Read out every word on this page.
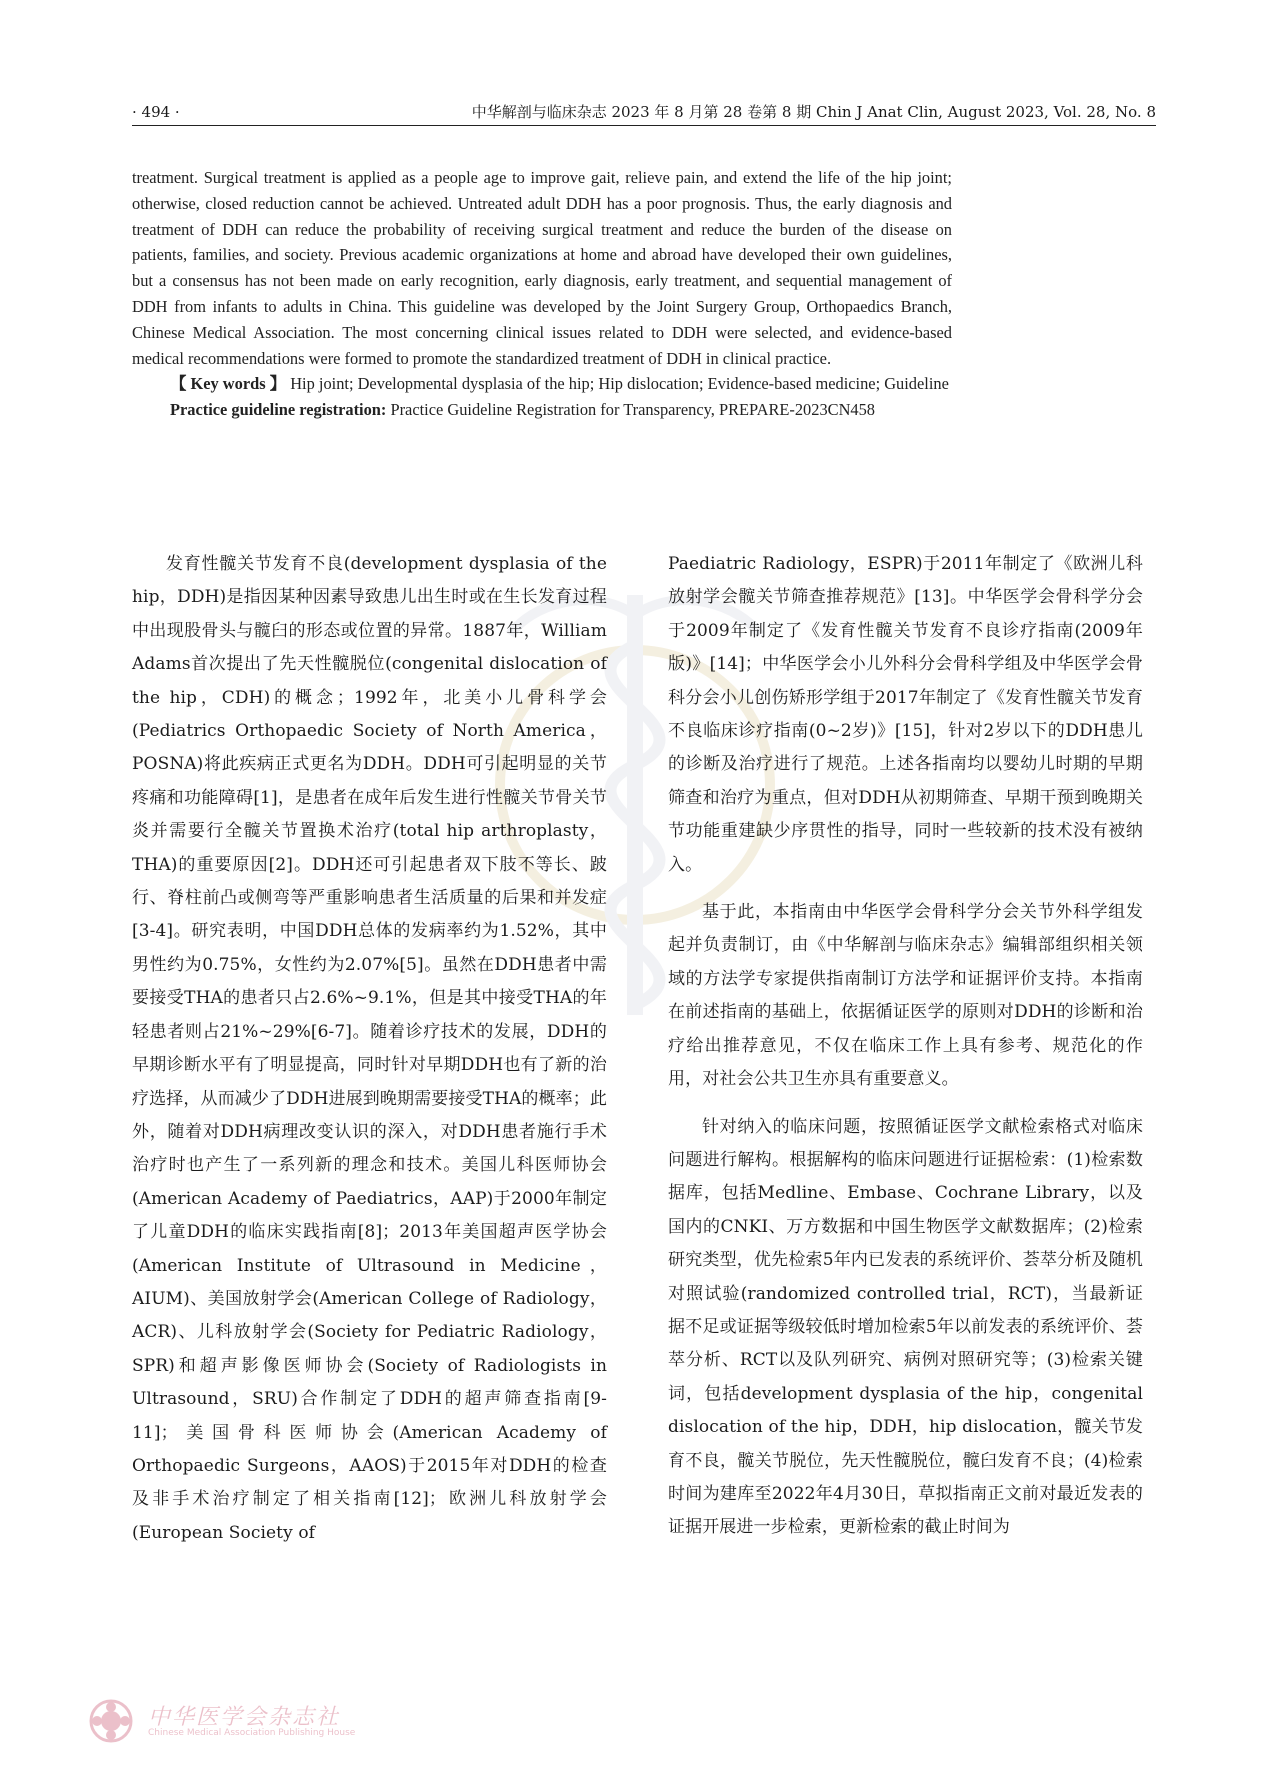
· 494 ·	中华解剖与临床杂志 2023 年 8 月第 28 卷第 8 期 Chin J Anat Clin, August 2023, Vol. 28, No. 8

treatment. Surgical treatment is applied as a people age to improve gait, relieve pain, and extend the life of the hip joint; otherwise, closed reduction cannot be achieved. Untreated adult DDH has a poor prognosis. Thus, the early diagnosis and treatment of DDH can reduce the probability of receiving surgical treatment and reduce the burden of the disease on patients, families, and society. Previous academic organizations at home and abroad have developed their own guidelines, but a consensus has not been made on early recognition, early diagnosis, early treatment, and sequential management of DDH from infants to adults in China. This guideline was developed by the Joint Surgery Group, Orthopaedics Branch, Chinese Medical Association. The most concerning clinical issues related to DDH were selected, and evidence-based medical recommendations were formed to promote the standardized treatment of DDH in clinical practice.

【 Key words 】 Hip joint; Developmental dysplasia of the hip; Hip dislocation; Evidence-based medicine; Guideline

Practice guideline registration: Practice Guideline Registration for Transparency, PREPARE-2023CN458

发育性髋关节发育不良(development dysplasia of the hip，DDH)是指因某种因素导致患儿出生时或在生长发育过程中出现股骨头与髋臼的形态或位置的异常。1887年，William Adams首次提出了先天性髋脱位(congenital dislocation of the hip，CDH)的概念；1992年，北美小儿骨科学会(Pediatrics Orthopaedic Society of North America，POSNA)将此疾病正式更名为DDH。DDH可引起明显的关节疼痛和功能障碍[1]，是患者在成年后发生进行性髋关节骨关节炎并需要行全髋关节置换术治疗(total hip arthroplasty，THA)的重要原因[2]。DDH还可引起患者双下肢不等长、跛行、脊柱前凸或侧弯等严重影响患者生活质量的后果和并发症[3-4]。研究表明，中国DDH总体的发病率约为1.52%，其中男性约为0.75%，女性约为2.07%[5]。虽然在DDH患者中需要接受THA的患者只占2.6%~9.1%，但是其中接受THA的年轻患者则占21%~29%[6-7]。随着诊疗技术的发展，DDH的早期诊断水平有了明显提高，同时针对早期DDH也有了新的治疗选择，从而减少了DDH进展到晚期需要接受THA的概率；此外，随着对DDH病理改变认识的深入，对DDH患者施行手术治疗时也产生了一系列新的理念和技术。美国儿科医师协会(American Academy of Paediatrics，AAP)于2000年制定了儿童DDH的临床实践指南[8]；2013年美国超声医学协会(American Institute of Ultrasound in Medicine，AIUM)、美国放射学会(American College of Radiology，ACR)、儿科放射学会(Society for Pediatric Radiology，SPR)和超声影像医师协会(Society of Radiologists in Ultrasound，SRU)合作制定了DDH的超声筛查指南[9-11]；美国骨科医师协会(American Academy of Orthopaedic Surgeons，AAOS)于2015年对DDH的检查及非手术治疗制定了相关指南[12]；欧洲儿科放射学会(European Society of

Paediatric Radiology，ESPR)于2011年制定了《欧洲儿科放射学会髋关节筛查推荐规范》[13]。中华医学会骨科学分会于2009年制定了《发育性髋关节发育不良诊疗指南(2009年版)》[14]；中华医学会小儿外科分会骨科学组及中华医学会骨科分会小儿创伤矫形学组于2017年制定了《发育性髋关节发育不良临床诊疗指南(0~2岁)》[15]，针对2岁以下的DDH患儿的诊断及治疗进行了规范。上述各指南均以婴幼儿时期的早期筛查和治疗为重点，但对DDH从初期筛查、早期干预到晚期关节功能重建缺少序贯性的指导，同时一些较新的技术没有被纳入。

基于此，本指南由中华医学会骨科学分会关节外科学组发起并负责制订，由《中华解剖与临床杂志》编辑部组织相关领域的方法学专家提供指南制订方法学和证据评价支持。本指南在前述指南的基础上，依据循证医学的原则对DDH的诊断和治疗给出推荐意见，不仅在临床工作上具有参考、规范化的作用，对社会公共卫生亦具有重要意义。

针对纳入的临床问题，按照循证医学文献检索格式对临床问题进行解构。根据解构的临床问题进行证据检索：(1)检索数据库，包括Medline、Embase、Cochrane Library，以及国内的CNKI、万方数据和中国生物医学文献数据库；(2)检索研究类型，优先检索5年内已发表的系统评价、荟萃分析及随机对照试验(randomized controlled trial，RCT)，当最新证据不足或证据等级较低时增加检索5年以前发表的系统评价、荟萃分析、RCT以及队列研究、病例对照研究等；(3)检索关键词，包括development dysplasia of the hip，congenital dislocation of the hip，DDH，hip dislocation，髋关节发育不良，髋关节脱位，先天性髋脱位，髋臼发育不良；(4)检索时间为建库至2022年4月30日，草拟指南正文前对最近发表的证据开展进一步检索，更新检索的截止时间为

中华医学会杂志社
Chinese Medical Association Publishing House
